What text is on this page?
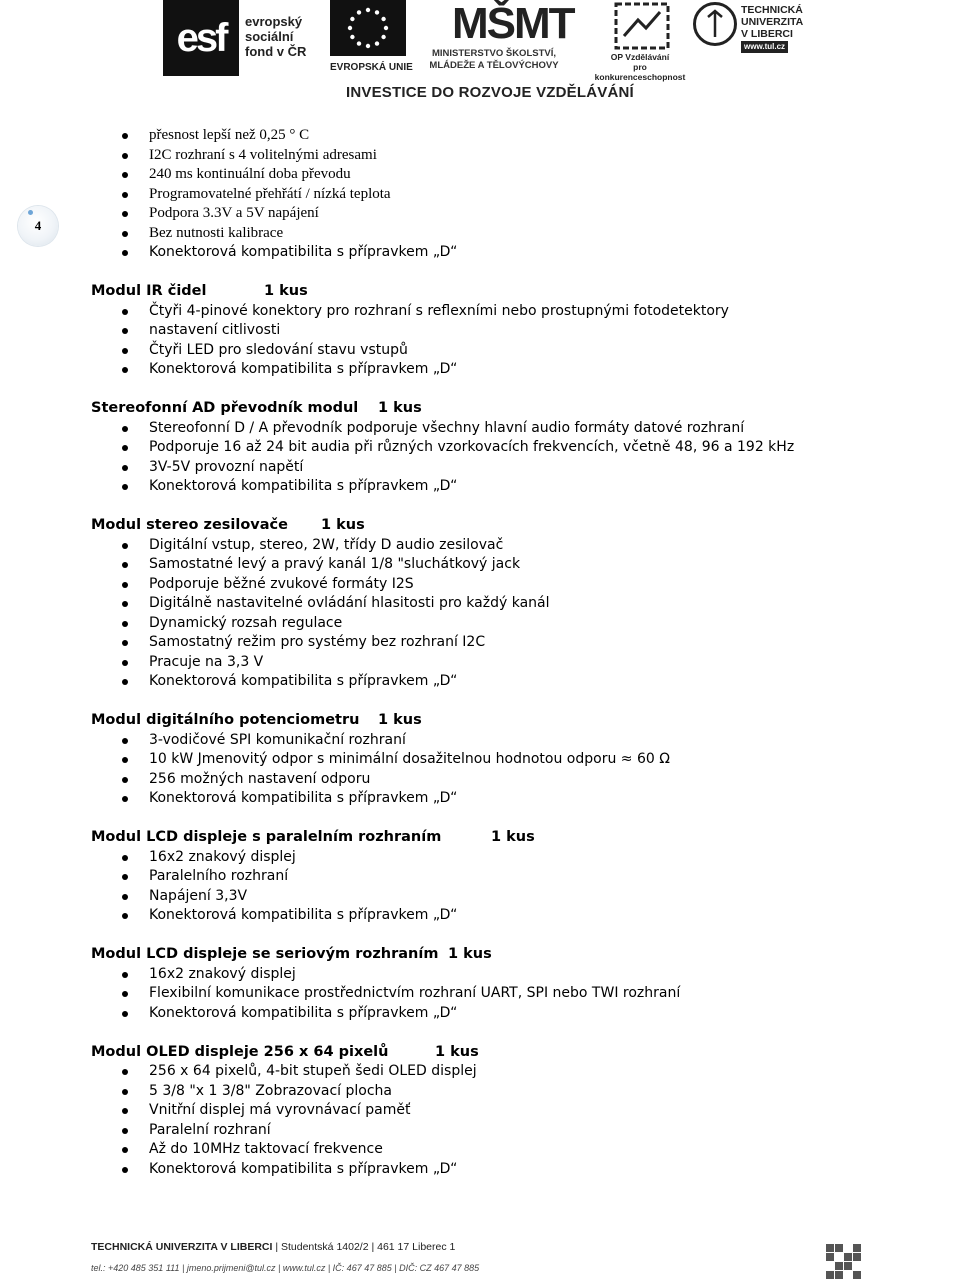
esf	evropský
sociální
fond v ČR
EVROPSKÁ UNIE
MŠMT
MINISTERSTVO ŠKOLSTVÍ,
MLÁDEŽE A TĚLOVÝCHOVY
OP Vzdělávání
pro konkurenceschopnost
TECHNICKÁ
UNIVERZITA
V LIBERCI
www.tul.cz
INVESTICE DO ROZVOJE VZDĚLÁVÁNÍ
4
přesnost lepší než 0,25 ° C
I2C rozhraní s 4 volitelnými adresami
240 ms kontinuální doba převodu
Programovatelné přehřátí / nízká teplota
Podpora 3.3V a 5V napájení
Bez nutnosti kalibrace
Konektorová kompatibilita s přípravkem „D“
Modul IR čidel	1 kus
Čtyři 4-pinové konektory pro rozhraní s reflexními nebo prostupnými fotodetektory
nastavení citlivosti
Čtyři LED pro sledování stavu vstupů
Konektorová kompatibilita s přípravkem „D“
Stereofonní AD převodník modul 1 kus
Stereofonní D / A převodník podporuje všechny hlavní audio formáty datové rozhraní
Podporuje 16 až 24 bit audia při různých vzorkovacích frekvencích, včetně 48, 96 a 192 kHz
3V-5V provozní napětí
Konektorová kompatibilita s přípravkem „D“
Modul stereo zesilovače 1 kus
Digitální vstup, stereo, 2W, třídy D audio zesilovač
Samostatné levý a pravý kanál 1/8 "sluchátkový jack
Podporuje běžné zvukové formáty I2S
Digitálně nastavitelné ovládání hlasitosti pro každý kanál
Dynamický rozsah regulace
Samostatný režim pro systémy bez rozhraní I2C
Pracuje na 3,3 V
Konektorová kompatibilita s přípravkem „D“
Modul digitálního potenciometru 1 kus
3-vodičové SPI komunikační rozhraní
10 kW Jmenovitý odpor s minimální dosažitelnou hodnotou odporu ≈ 60 Ω
256 možných nastavení odporu
Konektorová kompatibilita s přípravkem „D“
Modul LCD displeje s paralelním rozhraním	1 kus
16x2 znakový displej
Paralelního rozhraní
Napájení 3,3V
Konektorová kompatibilita s přípravkem „D“
Modul LCD displeje se seriovým rozhraním 1 kus
16x2 znakový displej
Flexibilní komunikace prostřednictvím rozhraní UART, SPI nebo TWI rozhraní
Konektorová kompatibilita s přípravkem „D“
Modul OLED displeje 256 x 64 pixelů	1 kus
256 x 64 pixelů, 4-bit stupeň šedi OLED displej
5 3/8 "x 1 3/8" Zobrazovací plocha
Vnitřní displej má vyrovnávací paměť
Paralelní rozhraní
Až do 10MHz taktovací frekvence
Konektorová kompatibilita s přípravkem „D“
TECHNICKÁ UNIVERZITA V LIBERCI | Studentská 1402/2 | 461 17 Liberec 1
tel.: +420 485 351 111 | jmeno.prijmeni@tul.cz | www.tul.cz | IČ: 467 47 885 | DIČ: CZ 467 47 885
